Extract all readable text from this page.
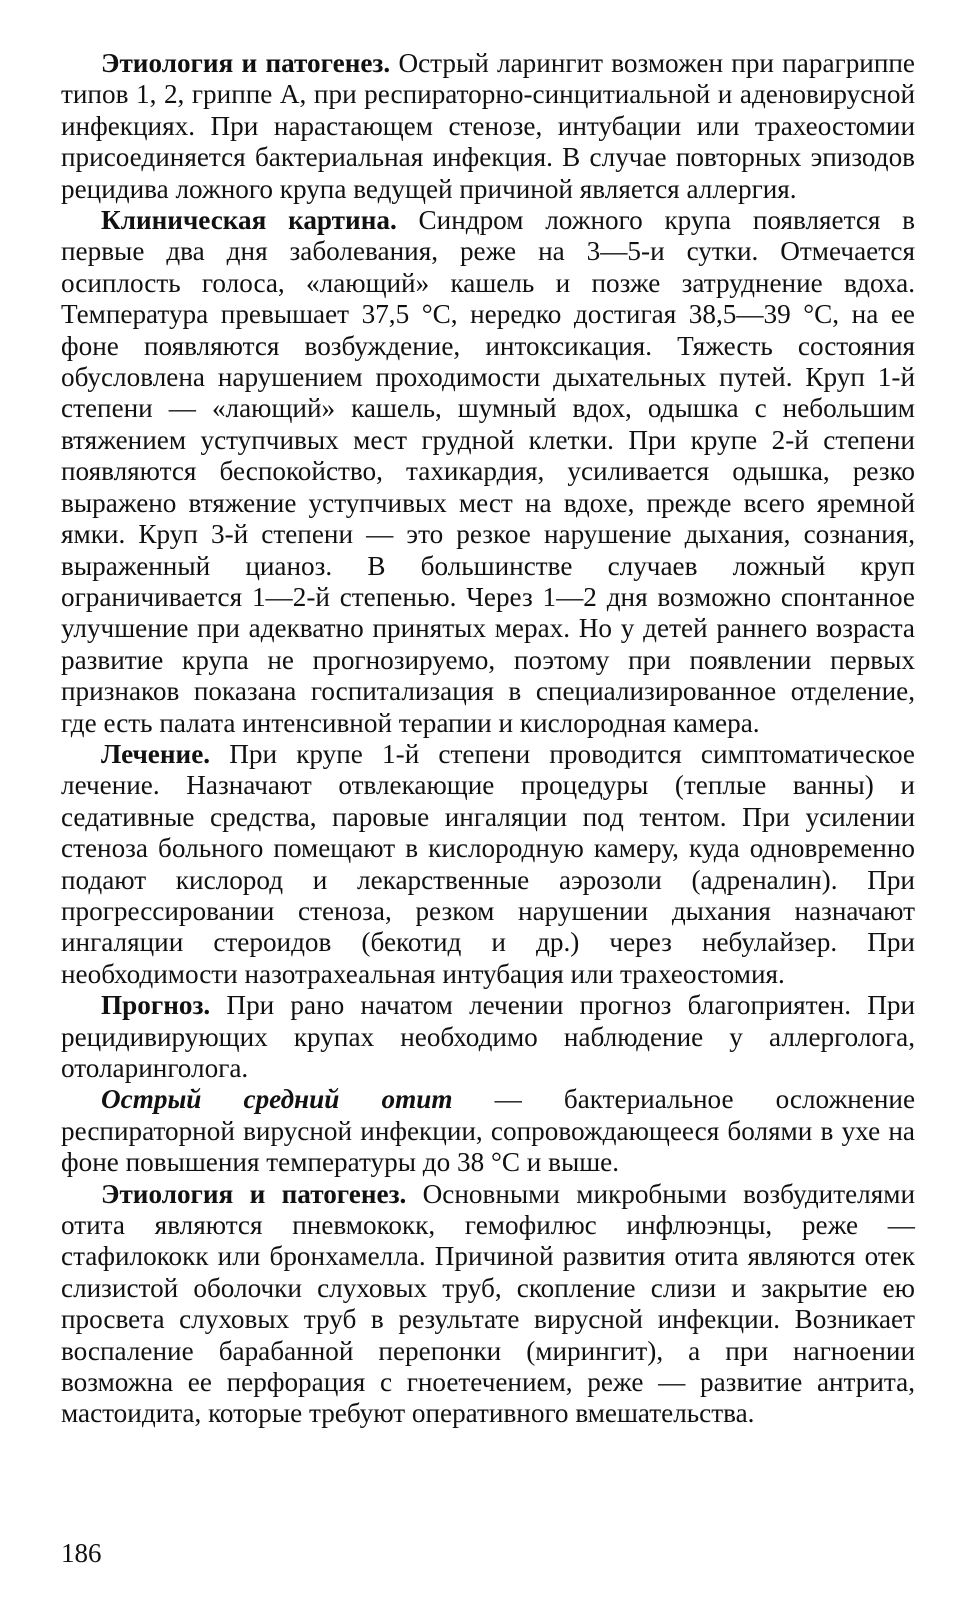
Этиология и патогенез. Острый ларингит возможен при парагриппе типов 1, 2, гриппе А, при респираторно-синцитиальной и аденовирусной инфекциях. При нарастающем стенозе, интубации или трахеостомии присоединяется бактериальная инфекция. В случае повторных эпизодов рецидива ложного крупа ведущей причиной является аллергия.

Клиническая картина. Синдром ложного крупа появляется в первые два дня заболевания, реже на 3—5-и сутки. Отмечается осиплость голоса, «лающий» кашель и позже затруднение вдоха. Температура превышает 37,5 °С, нередко достигая 38,5—39 °С, на ее фоне появляются возбуждение, интоксикация. Тяжесть состояния обусловлена нарушением проходимости дыхательных путей. Круп 1-й степени — «лающий» кашель, шумный вдох, одышка с небольшим втяжением уступчивых мест грудной клетки. При крупе 2-й степени появляются беспокойство, тахикардия, усиливается одышка, резко выражено втяжение уступчивых мест на вдохе, прежде всего яремной ямки. Круп 3-й степени — это резкое нарушение дыхания, сознания, выраженный цианоз. В большинстве случаев ложный круп ограничивается 1—2-й степенью. Через 1—2 дня возможно спонтанное улучшение при адекватно принятых мерах. Но у детей раннего возраста развитие крупа не прогнозируемо, поэтому при появлении первых признаков показана госпитализация в специализированное отделение, где есть палата интенсивной терапии и кислородная камера.

Лечение. При крупе 1-й степени проводится симптоматическое лечение. Назначают отвлекающие процедуры (теплые ванны) и седативные средства, паровые ингаляции под тентом. При усилении стеноза больного помещают в кислородную камеру, куда одновременно подают кислород и лекарственные аэрозоли (адреналин). При прогрессировании стеноза, резком нарушении дыхания назначают ингаляции стероидов (бекотид и др.) через небулайзер. При необходимости назотрахеальная интубация или трахеостомия.

Прогноз. При рано начатом лечении прогноз благоприятен. При рецидивирующих крупах необходимо наблюдение у аллерголога, отоларинголога.

Острый средний отит — бактериальное осложнение респираторной вирусной инфекции, сопровождающееся болями в ухе на фоне повышения температуры до 38 °С и выше.

Этиология и патогенез. Основными микробными возбудителями отита являются пневмококк, гемофилюс инфлюэнцы, реже — стафилококк или бронхамелла. Причиной развития отита являются отек слизистой оболочки слуховых труб, скопление слизи и закрытие ею просвета слуховых труб в результате вирусной инфекции. Возникает воспаление барабанной перепонки (мирингит), а при нагноении возможна ее перфорация с гноетечением, реже — развитие антрита, мастоидита, которые требуют оперативного вмешательства.

186
